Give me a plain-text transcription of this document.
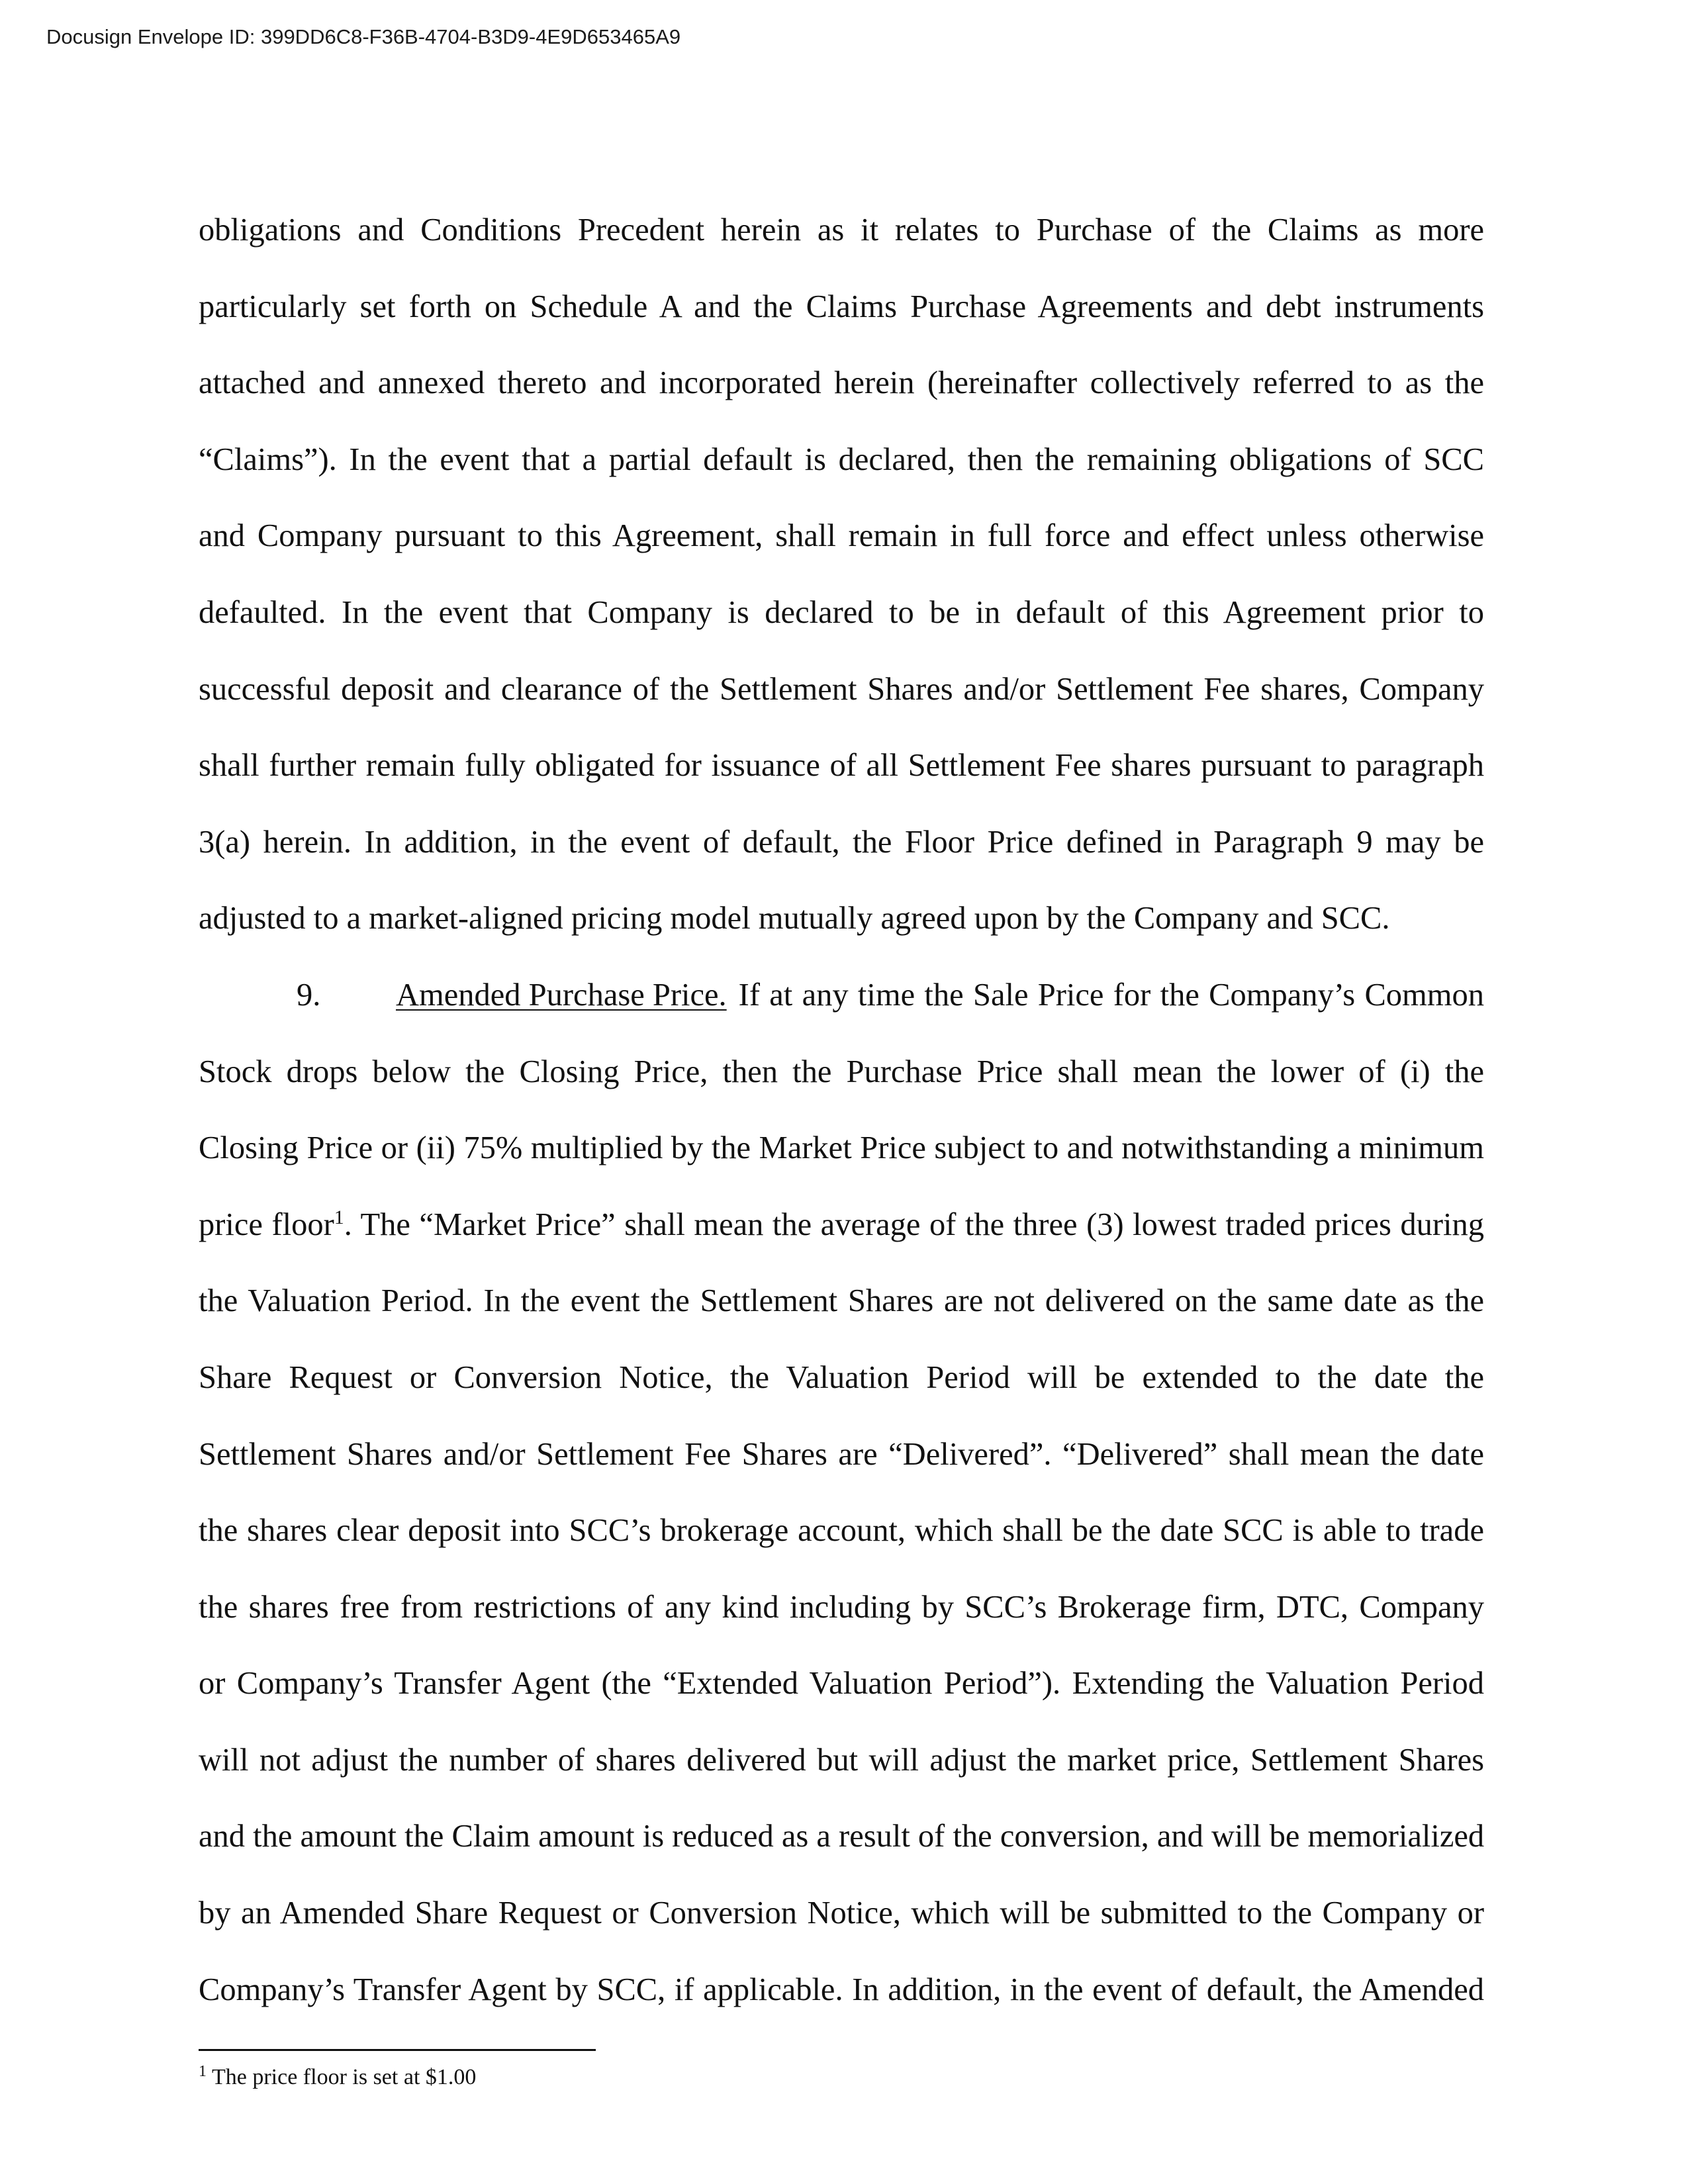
Docusign Envelope ID: 399DD6C8-F36B-4704-B3D9-4E9D653465A9
obligations and Conditions Precedent herein as it relates to Purchase of the Claims as more
particularly set forth on Schedule A and the Claims Purchase Agreements and debt instruments
attached and annexed thereto and incorporated herein (hereinafter collectively referred to as the
“Claims”). In the event that a partial default is declared, then the remaining obligations of SCC
and Company pursuant to this Agreement, shall remain in full force and effect unless otherwise
defaulted. In the event that Company is declared to be in default of this Agreement prior to
successful deposit and clearance of the Settlement Shares and/or Settlement Fee shares, Company
shall further remain fully obligated for issuance of all Settlement Fee shares pursuant to paragraph
3(a) herein. In addition, in the event of default, the Floor Price defined in Paragraph 9 may be
adjusted to a market-aligned pricing model mutually agreed upon by the Company and SCC.
9.	Amended Purchase Price. If at any time the Sale Price for the Company’s Common
Stock drops below the Closing Price, then the Purchase Price shall mean the lower of (i) the
Closing Price or (ii) 75% multiplied by the Market Price subject to and notwithstanding a minimum
price floor$^1$. The “Market Price” shall mean the average of the three (3) lowest traded prices during
the Valuation Period. In the event the Settlement Shares are not delivered on the same date as the
Share Request or Conversion Notice, the Valuation Period will be extended to the date the
Settlement Shares and/or Settlement Fee Shares are “Delivered”. “Delivered” shall mean the date
the shares clear deposit into SCC’s brokerage account, which shall be the date SCC is able to trade
the shares free from restrictions of any kind including by SCC’s Brokerage firm, DTC, Company
or Company’s Transfer Agent (the “Extended Valuation Period”). Extending the Valuation Period
will not adjust the number of shares delivered but will adjust the market price, Settlement Shares
and the amount the Claim amount is reduced as a result of the conversion, and will be memorialized
by an Amended Share Request or Conversion Notice, which will be submitted to the Company or
Company’s Transfer Agent by SCC, if applicable. In addition, in the event of default, the Amended
$^1$ The price floor is set at $1.00
